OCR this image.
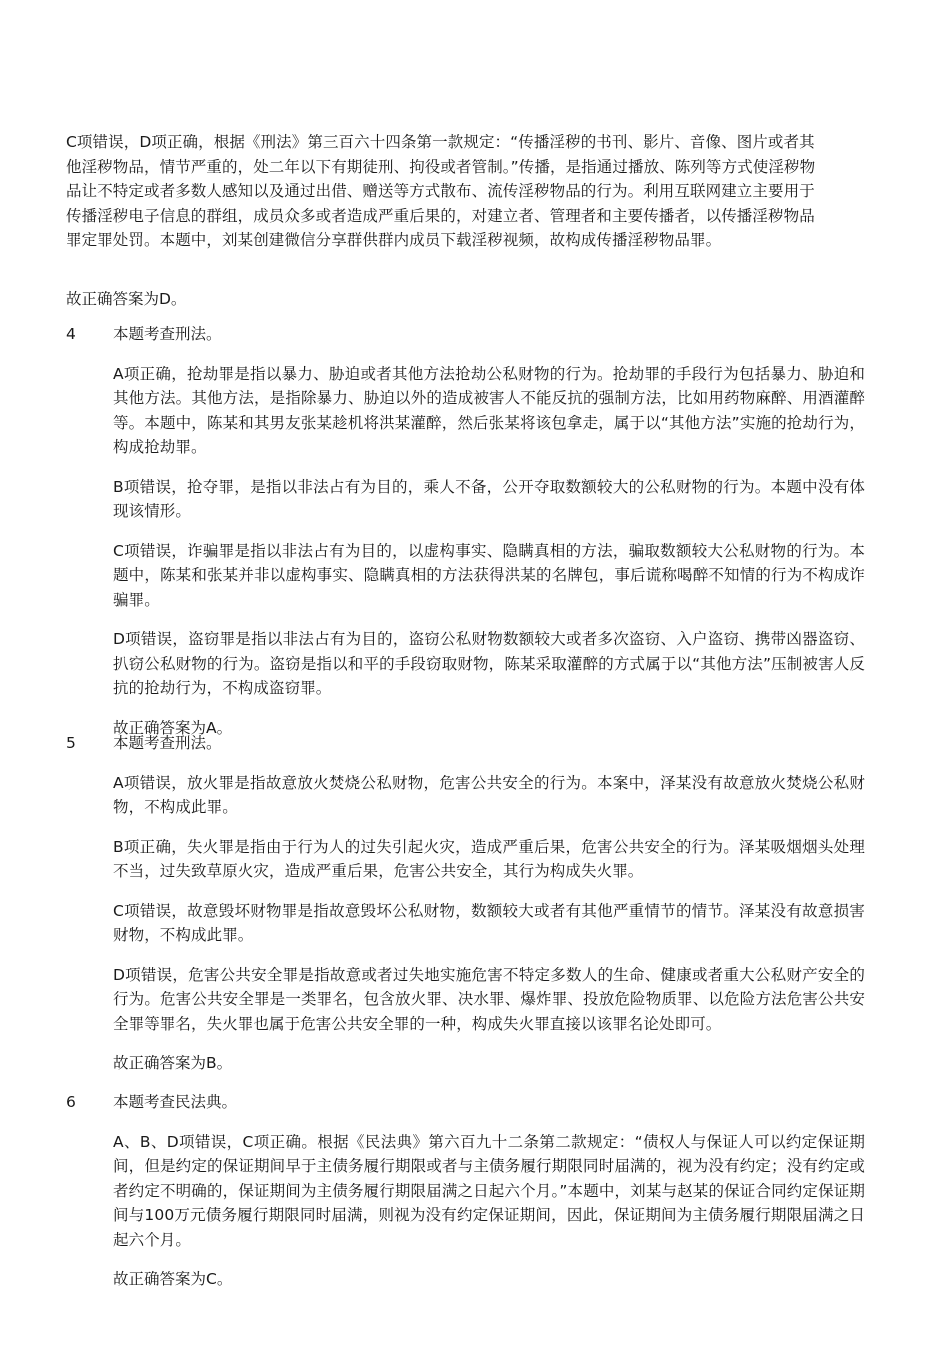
C项错误，D项正确，根据《刑法》第三百六十四条第一款规定：“传播淫秽的书刊、影片、音像、图片或者其他淫秽物品，情节严重的，处二年以下有期徒刑、拘役或者管制。”传播，是指通过播放、陈列等方式使淫秽物品让不特定或者多数人感知以及通过出借、赠送等方式散布、流传淫秽物品的行为。利用互联网建立主要用于传播淫秽电子信息的群组，成员众多或者造成严重后果的，对建立者、管理者和主要传播者，以传播淫秽物品罪定罪处罚。本题中，刘某创建微信分享群供群内成员下载淫秽视频，故构成传播淫秽物品罪。
故正确答案为D。
4 本题考查刑法。
A项正确，抢劫罪是指以暴力、胁迫或者其他方法抢劫公私财物的行为。抢劫罪的手段行为包括暴力、胁迫和其他方法。其他方法，是指除暴力、胁迫以外的造成被害人不能反抗的强制方法，比如用药物麻醉、用酒灌醉等。本题中，陈某和其男友张某趁机将洪某灌醉，然后张某将该包拿走，属于以“其他方法”实施的抢劫行为，构成抢劫罪。
B项错误，抢夺罪，是指以非法占有为目的，乘人不备，公开夺取数额较大的公私财物的行为。本题中没有体现该情形。
C项错误，诈骗罪是指以非法占有为目的，以虚构事实、隐瞒真相的方法，骗取数额较大公私财物的行为。本题中，陈某和张某并非以虚构事实、隐瞒真相的方法获得洪某的名牌包，事后谎称喝醉不知情的行为不构成诈骗罪。
D项错误，盗窃罪是指以非法占有为目的，盗窃公私财物数额较大或者多次盗窃、入户盗窃、携带凶器盗窃、扒窃公私财物的行为。盗窃是指以和平的手段窃取财物，陈某采取灌醉的方式属于以“其他方法”压制被害人反抗的抢劫行为，不构成盗窃罪。
故正确答案为A。
5 本题考查刑法。
A项错误，放火罪是指故意放火焚烧公私财物，危害公共安全的行为。本案中，泽某没有故意放火焚烧公私财物，不构成此罪。
B项正确，失火罪是指由于行为人的过失引起火灾，造成严重后果，危害公共安全的行为。泽某吸烟烟头处理不当，过失致草原火灾，造成严重后果，危害公共安全，其行为构成失火罪。
C项错误，故意毁坏财物罪是指故意毁坏公私财物，数额较大或者有其他严重情节的情节。泽某没有故意损害财物，不构成此罪。
D项错误，危害公共安全罪是指故意或者过失地实施危害不特定多数人的生命、健康或者重大公私财产安全的行为。危害公共安全罪是一类罪名，包含放火罪、决水罪、爆炸罪、投放危险物质罪、以危险方法危害公共安全罪等罪名，失火罪也属于危害公共安全罪的一种，构成失火罪直接以该罪名论处即可。
故正确答案为B。
6 本题考查民法典。
A、B、D项错误，C项正确。根据《民法典》第六百九十二条第二款规定：“债权人与保证人可以约定保证期间，但是约定的保证期间早于主债务履行期限或者与主债务履行期限同时届满的，视为没有约定；没有约定或者约定不明确的，保证期间为主债务履行期限届满之日起六个月。”本题中，刘某与赵某的保证合同约定保证期间与100万元债务履行期限同时届满，则视为没有约定保证期间，因此，保证期间为主债务履行期限届满之日起六个月。
故正确答案为C。
